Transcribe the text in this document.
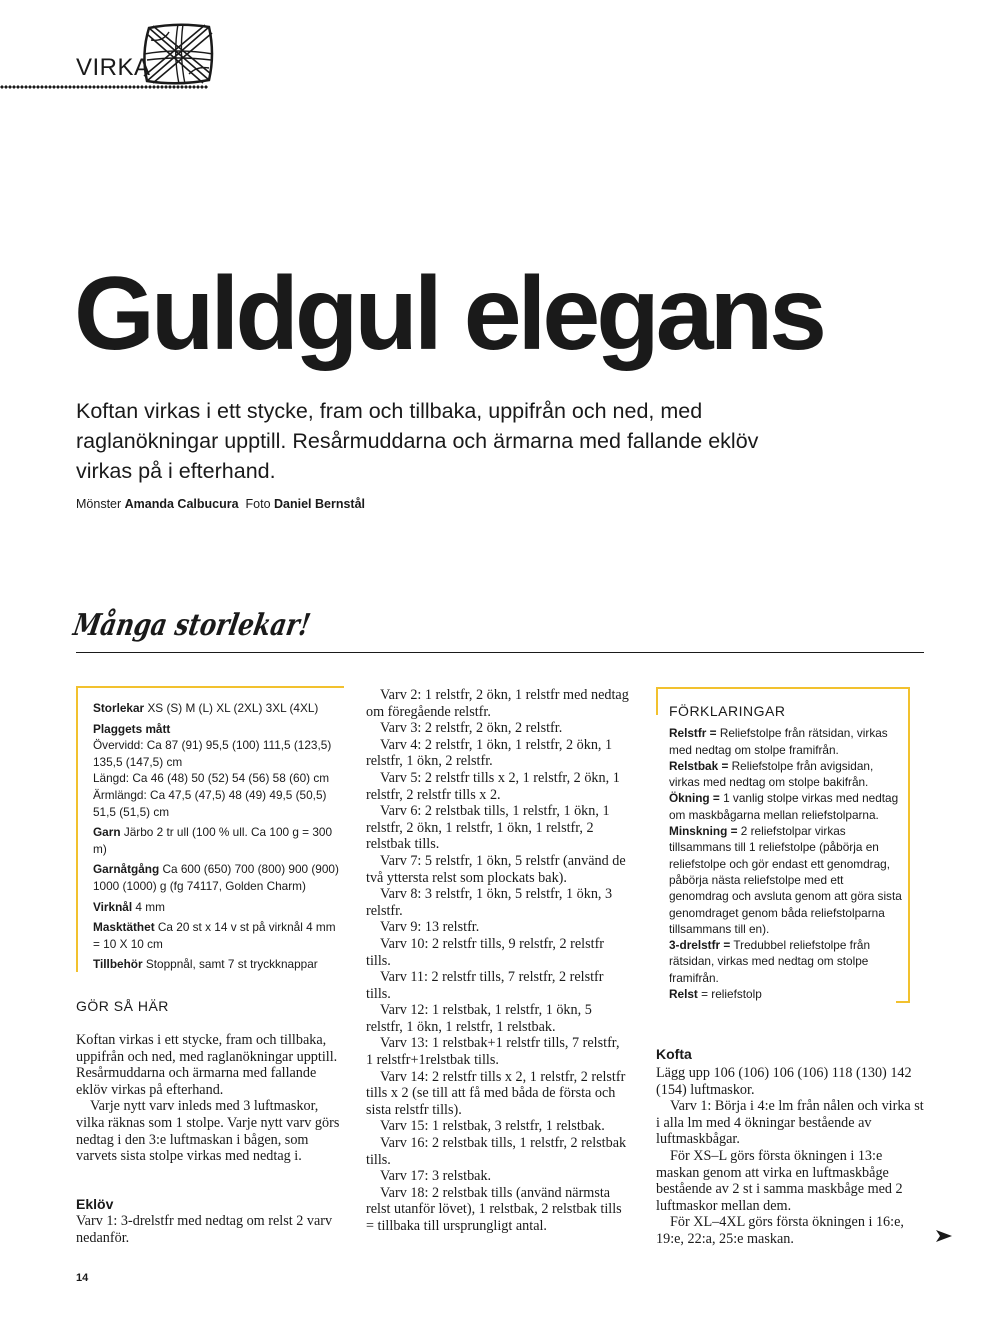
VIRKA
Guldgul elegans

Koftan virkas i ett stycke, fram och tillbaka, uppifrån och ned, med raglanökningar upptill. Resårmuddarna och ärmarna med fallande eklöv virkas på i efterhand.

Mönster Amanda Calbucura Foto Daniel Bernstål
Många storlekar!
Storlekar XS (S) M (L) XL (2XL) 3XL (4XL)
Plaggets mått
Övervidd: Ca 87 (91) 95,5 (100) 111,5 (123,5) 135,5 (147,5) cm
Längd: Ca 46 (48) 50 (52) 54 (56) 58 (60) cm
Ärmlängd: Ca 47,5 (47,5) 48 (49) 49,5 (50,5) 51,5 (51,5) cm
Garn Järbo 2 tr ull (100 % ull. Ca 100 g = 300 m)
Garnåtgång Ca 600 (650) 700 (800) 900 (900) 1000 (1000) g (fg 74117, Golden Charm)
Virknål 4 mm
Masktäthet Ca 20 st x 14 v st på virknål 4 mm = 10 X 10 cm
Tillbehör Stoppnål, samt 7 st tryckknappar
FÖRKLARINGAR

Relstfr = Reliefstolpe från rätsidan, virkas med nedtag om stolpe framifrån.

Relstbak = Reliefstolpe från avigsidan, virkas med nedtag om stolpe bakifrån.

Ökning = 1 vanlig stolpe virkas med nedtag om maskbågarna mellan reliefstolparna.

Minskning = 2 reliefstolpar virkas tillsammans till 1 reliefstolpe (påbörja en reliefstolpe och gör endast ett genomdrag, påbörja nästa reliefstolpe med ett genomdrag och avsluta genom att göra sista genomdraget genom båda reliefstolparna tillsammans till en).

3-drelstfr = Tredubbel reliefstolpe från rätsidan, virkas med nedtag om stolpe framifrån.

Relst = reliefstolp

GÖR SÅ HÄR

Koftan virkas i ett stycke, fram och tillbaka, uppifrån och ned, med raglanökningar upptill. Resårmuddarna och ärmarna med fallande eklöv virkas på efterhand.

Varje nytt varv inleds med 3 luftmaskor, vilka räknas som 1 stolpe. Varje nytt varv görs nedtag i den 3:e luftmaskan i bågen, som varvets sista stolpe virkas med nedtag i.

Eklöv

Varv 1: 3-drelstfr med nedtag om relst 2 varv nedanför.

Varv 2: 1 relstfr, 2 ökn, 1 relstfr med nedtag om föregående relstfr.

Varv 3: 2 relstfr, 2 ökn, 2 relstfr.

Varv 4: 2 relstfr, 1 ökn, 1 relstfr, 2 ökn, 1 relstfr, 1 ökn, 2 relstfr.

Varv 5: 2 relstfr tills x 2, 1 relstfr, 2 ökn, 1 relstfr, 2 relstfr tills x 2.

Varv 6: 2 relstbak tills, 1 relstfr, 1 ökn, 1 relstfr, 2 ökn, 1 relstfr, 1 ökn, 1 relstfr, 2 relstbak tills.

Varv 7: 5 relstfr, 1 ökn, 5 relstfr (använd de två yttersta relst som plockats bak).

Varv 8: 3 relstfr, 1 ökn, 5 relstfr, 1 ökn, 3 relstfr.

Varv 9: 13 relstfr.

Varv 10: 2 relstfr tills, 9 relstfr, 2 relstfr tills.

Varv 11: 2 relstfr tills, 7 relstfr, 2 relstfr tills.

Varv 12: 1 relstbak, 1 relstfr, 1 ökn, 5 relstfr, 1 ökn, 1 relstfr, 1 relstbak.

Varv 13: 1 relstbak+1 relstfr tills, 7 relstfr, 1 relstfr+1relstbak tills.

Varv 14: 2 relstfr tills x 2, 1 relstfr, 2 relstfr tills x 2 (se till att få med båda de första och sista relstfr tills).

Varv 15: 1 relstbak, 3 relstfr, 1 relstbak.

Varv 16: 2 relstbak tills, 1 relstfr, 2 relstbak tills.

Varv 17: 3 relstbak.

Varv 18: 2 relstbak tills (använd närmsta relst utanför lövet), 1 relstbak, 2 relstbak tills = tillbaka till ursprungligt antal.

Kofta

Lägg upp 106 (106) 106 (106) 118 (130) 142 (154) luftmaskor.

Varv 1: Börja i 4:e lm från nålen och virka st i alla lm med 4 ökningar bestående av luftmaskbågar.

För XS–L görs första ökningen i 13:e maskan genom att virka en luftmaskbåge bestående av 2 st i samma maskbåge med 2 luftmaskor mellan dem.

För XL–4XL görs första ökningen i 16:e, 19:e, 22:a, 25:e maskan.

14
